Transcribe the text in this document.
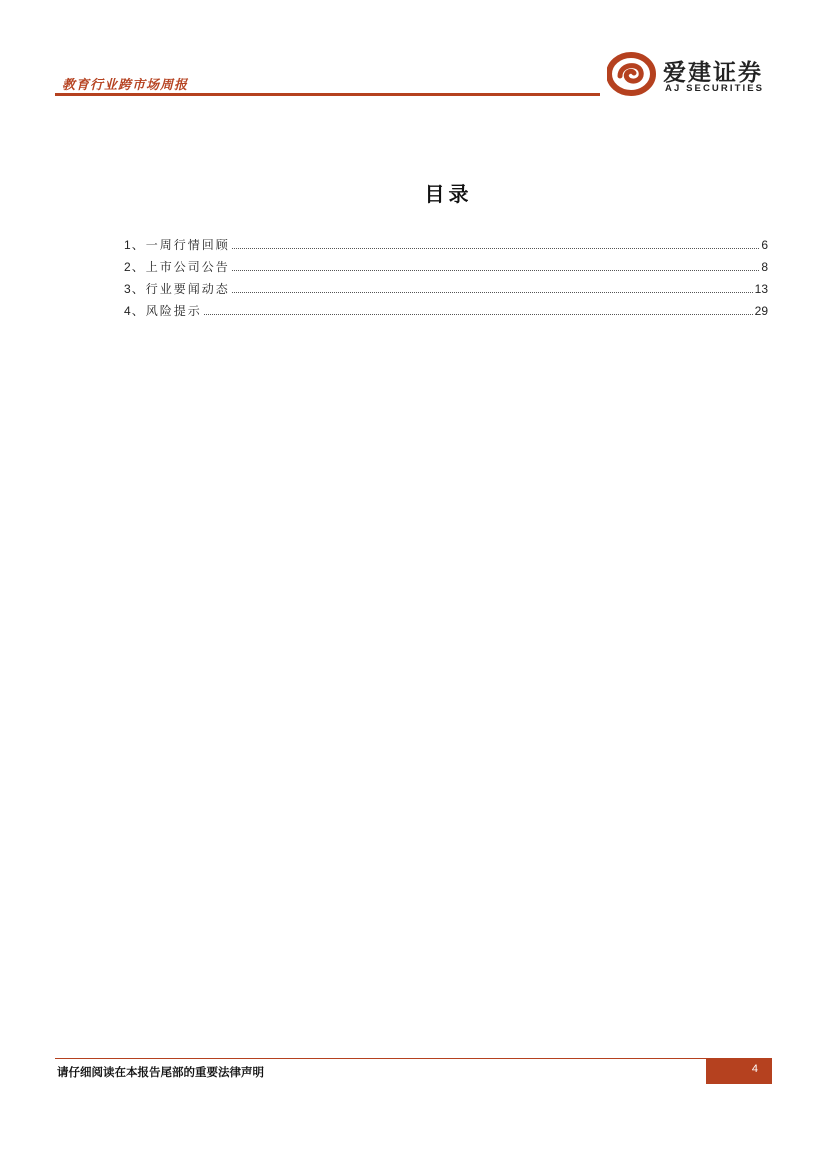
教育行业跨市场周报	爱建证券
AJ SECURITIES
目录
1 、 一周行情回顾	6
2 、 上市公司公告	8
3 、 行业要闻动态	13
4 、 风险提示	29
请仔细阅读在本报告尾部的重要法律声明	4
